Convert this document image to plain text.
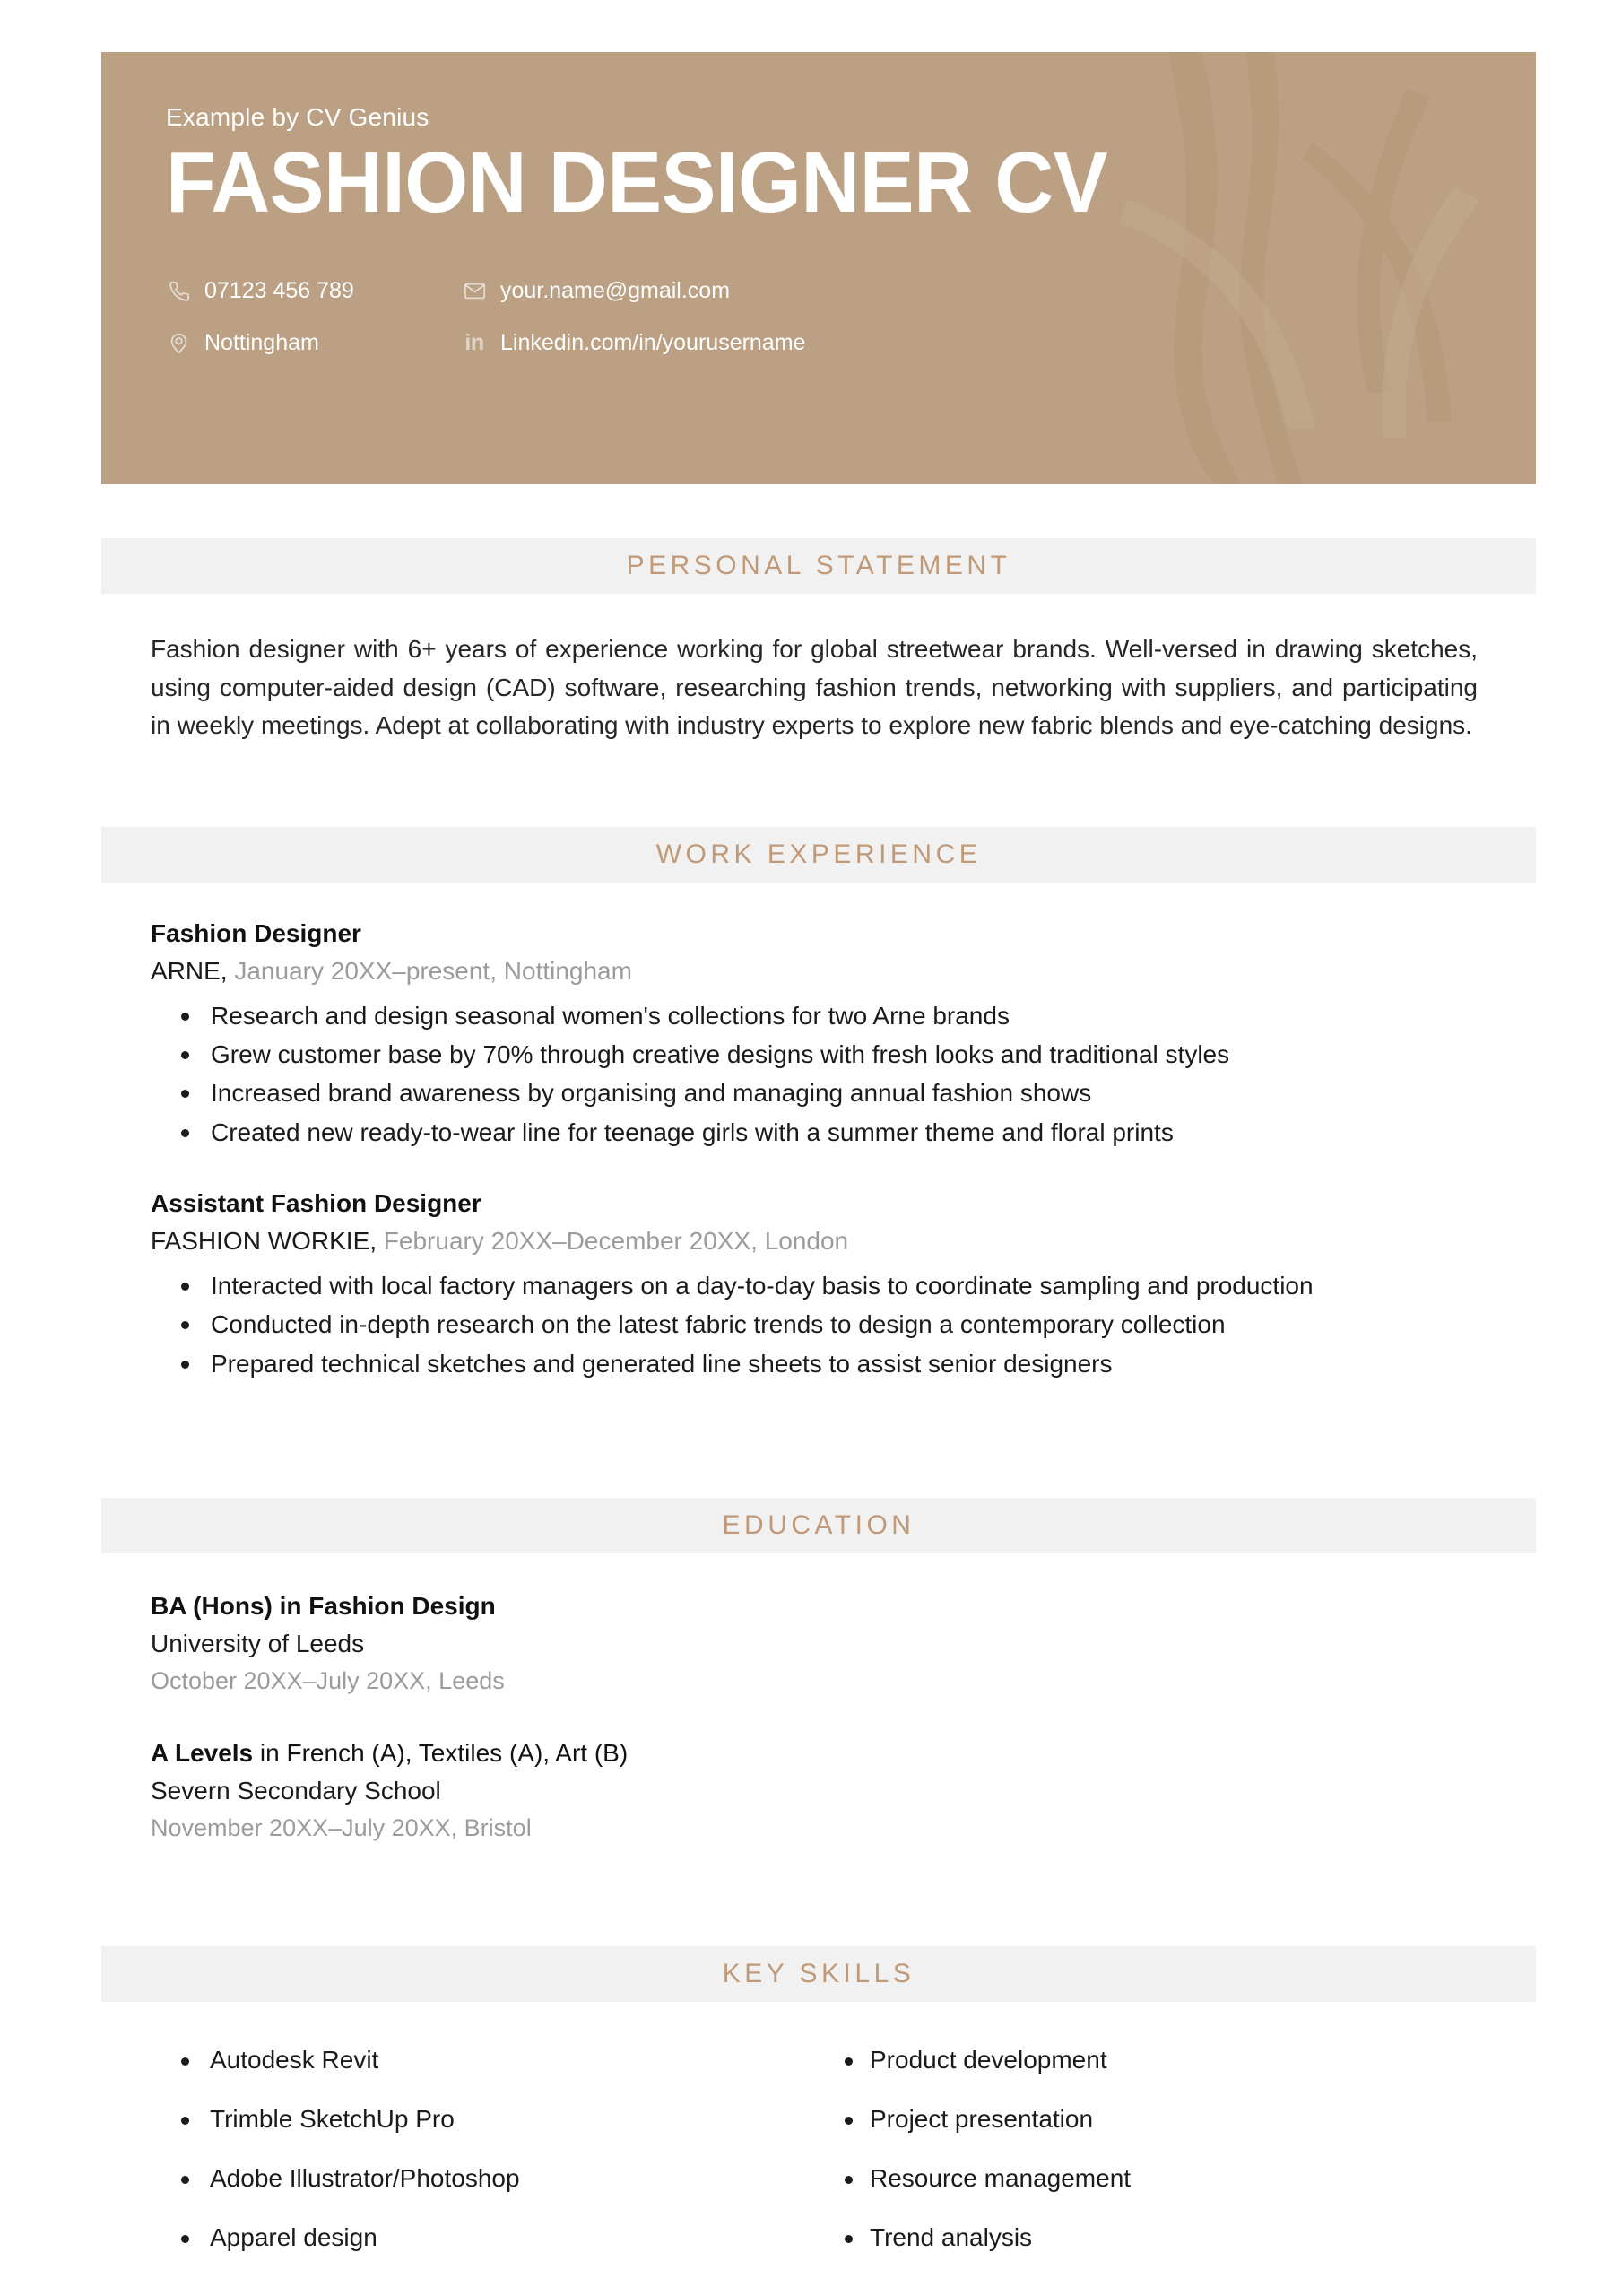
Example by CV Genius

FASHION DESIGNER CV
07123 456 789	your.name@gmail.com
Nottingham	in Linkedin.com/in/yourusername
PERSONAL STATEMENT

Fashion designer with 6+ years of experience working for global streetwear brands. Well-versed in drawing sketches, using computer-aided design (CAD) software, researching fashion trends, networking with suppliers, and participating in weekly meetings. Adept at collaborating with industry experts to explore new fabric blends and eye-catching designs.

WORK EXPERIENCE

Fashion Designer

ARNE, January 20XX–present, Nottingham

Research and design seasonal women's collections for two Arne brands
Grew customer base by 70% through creative designs with fresh looks and traditional styles
Increased brand awareness by organising and managing annual fashion shows
Created new ready-to-wear line for teenage girls with a summer theme and floral prints

Assistant Fashion Designer

FASHION WORKIE, February 20XX–December 20XX, London

Interacted with local factory managers on a day-to-day basis to coordinate sampling and production
Conducted in-depth research on the latest fabric trends to design a contemporary collection
Prepared technical sketches and generated line sheets to assist senior designers
EDUCATION

BA (Hons) in Fashion Design

University of Leeds

October 20XX–July 20XX, Leeds

A Levels in French (A), Textiles (A), Art (B)

Severn Secondary School

November 20XX–July 20XX, Bristol

KEY SKILLS
Autodesk Revit
Trimble SketchUp Pro
Adobe Illustrator/Photoshop
Apparel design
Product development
Project presentation
Resource management
Trend analysis
